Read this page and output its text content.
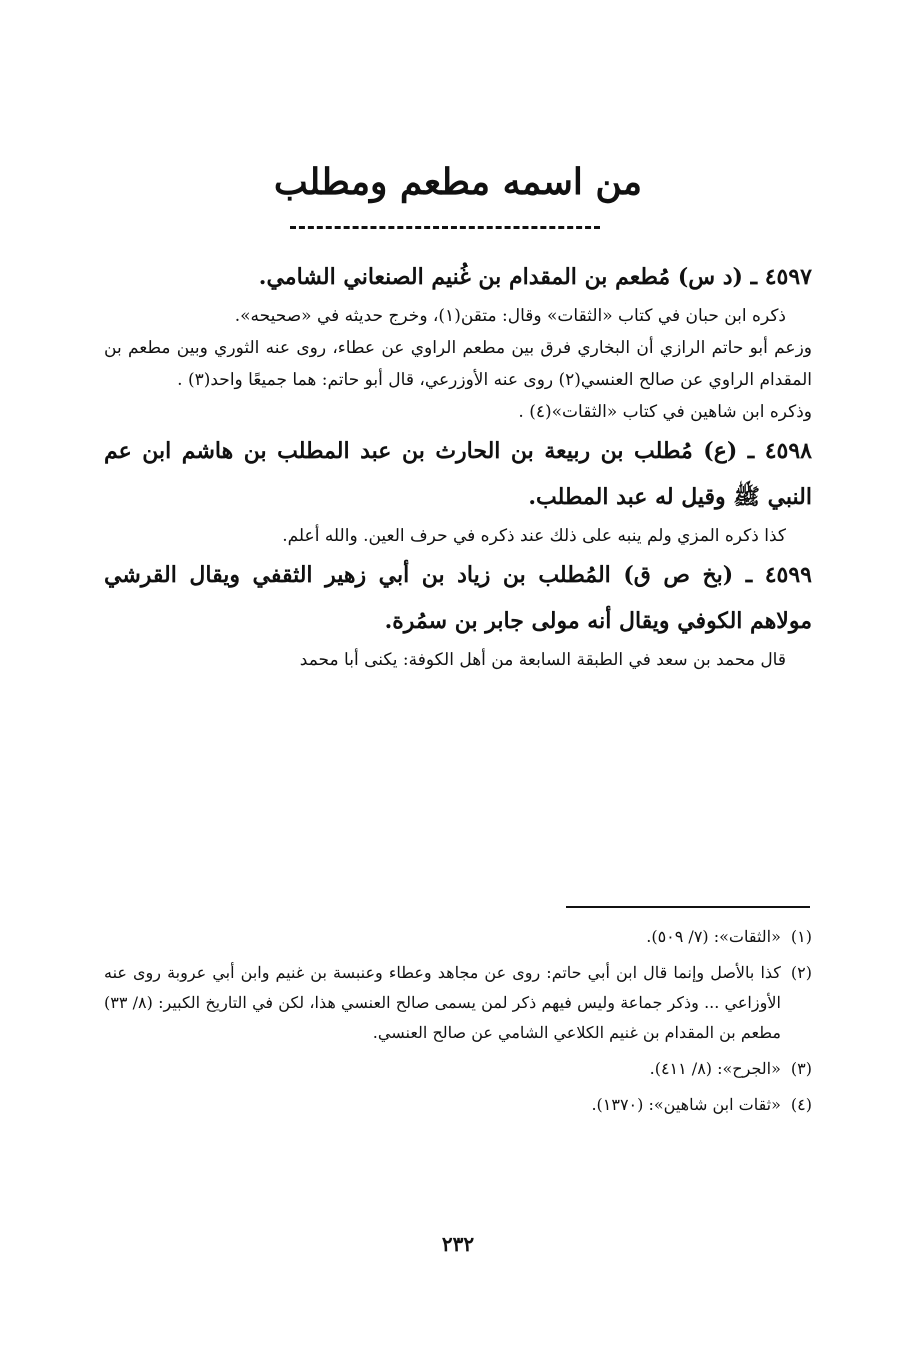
من اسمه مطعم ومطلب

٤٥٩٧ ـ (د س) مُطعم بن المقدام بن غُنيم الصنعاني الشامي.

ذكره ابن حبان في كتاب «الثقات» وقال: متقن(١)، وخرج حديثه في «صحيحه».

وزعم أبو حاتم الرازي أن البخاري فرق بين مطعم الراوي عن عطاء، روى عنه الثوري وبين مطعم بن المقدام الراوي عن صالح العنسي(٢) روى عنه الأوزرعي، قال أبو حاتم: هما جميعًا واحد(٣) .

وذكره ابن شاهين في كتاب «الثقات»(٤) .

٤٥٩٨ ـ (ع) مُطلب بن ربيعة بن الحارث بن عبد المطلب بن هاشم ابن عم النبي ﷺ وقيل له عبد المطلب.

كذا ذكره المزي ولم ينبه على ذلك عند ذكره في حرف العين. والله أعلم.

٤٥٩٩ ـ (بخ ص ق) المُطلب بن زياد بن أبي زهير الثقفي ويقال القرشي مولاهم الكوفي ويقال أنه مولى جابر بن سمُرة.

قال محمد بن سعد في الطبقة السابعة من أهل الكوفة: يكنى أبا محمد

(١)
«الثقات»: (٧/ ٥٠٩).
(٢)
كذا بالأصل وإنما قال ابن أبي حاتم: روى عن مجاهد وعطاء وعنبسة بن غنيم وابن أبي عروبة روى عنه الأوزاعي ... وذكر جماعة وليس فيهم ذكر لمن يسمى صالح العنسي هذا، لكن في التاريخ الكبير: (٨/ ٣٣) مطعم بن المقدام بن غنيم الكلاعي الشامي عن صالح العنسي.
(٣)
«الجرح»: (٨/ ٤١١).
(٤)
«ثقات ابن شاهين»: (١٣٧٠).
٢٣٢
